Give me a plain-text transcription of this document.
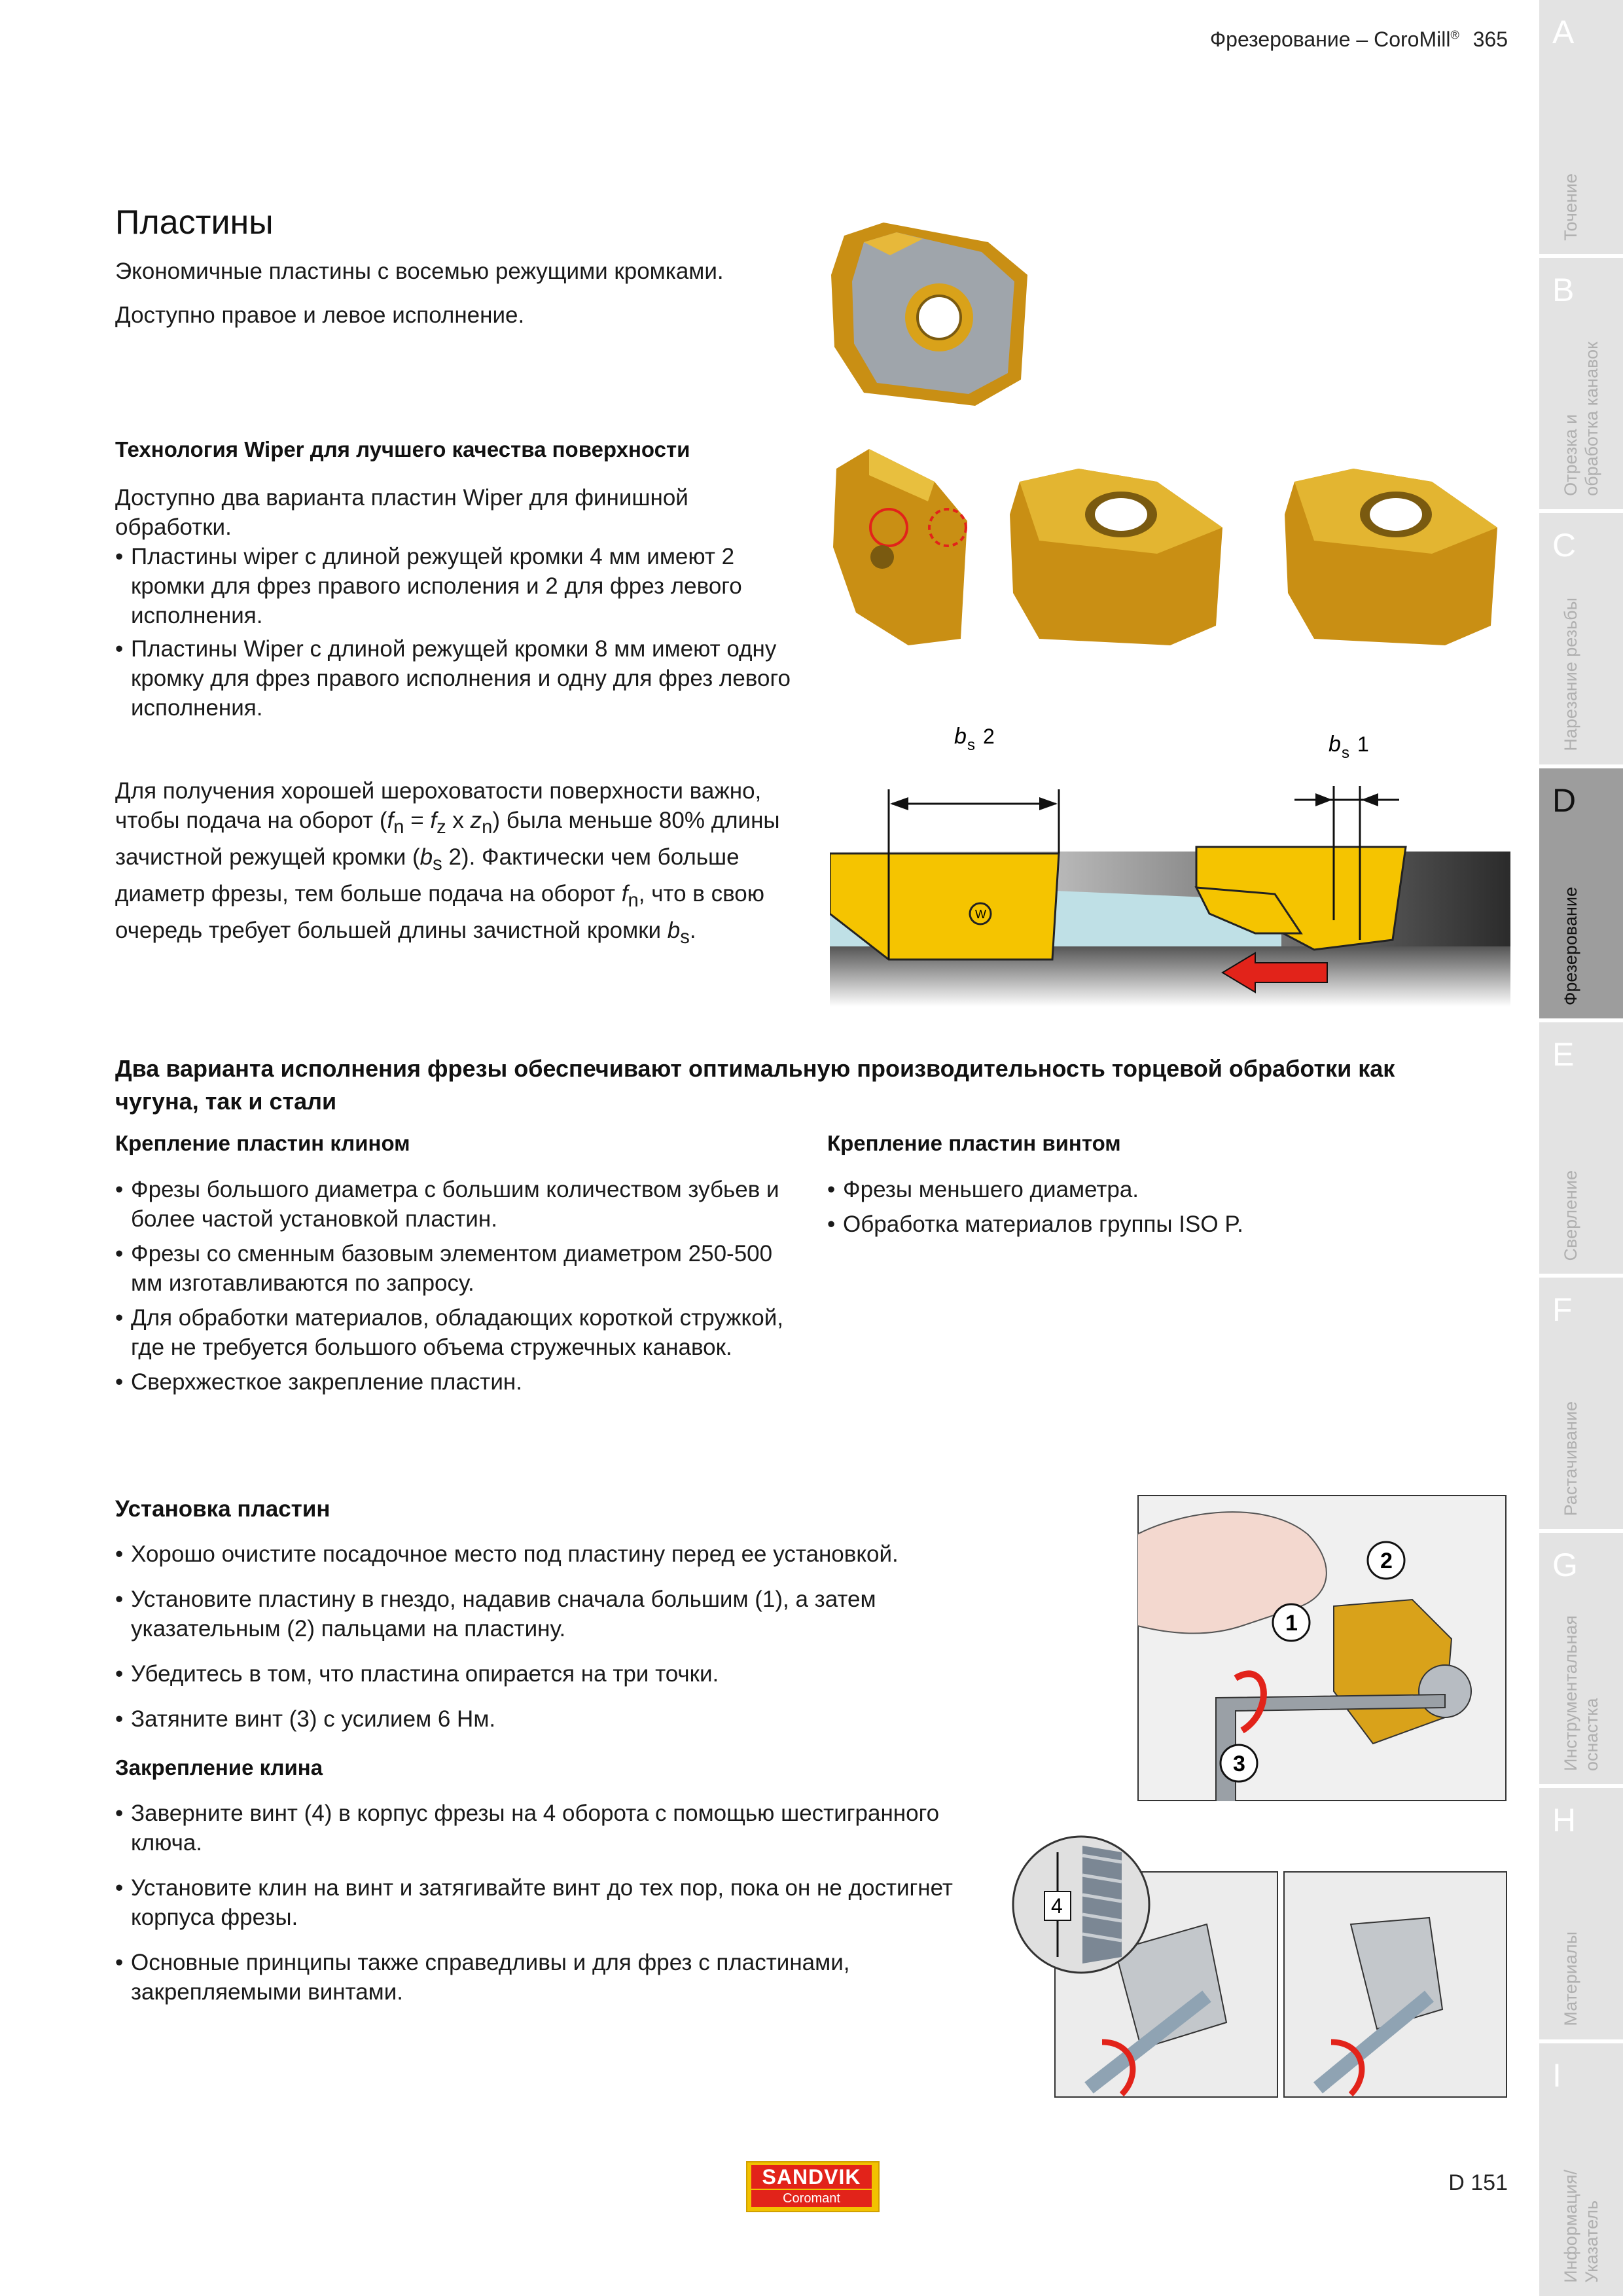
Фрезерование – CoroMill® 365
Пластины

Экономичные пластины с восемью режущими кромками.

Доступно правое и левое исполнение.

Технология Wiper для лучшего качества поверхности
Доступно два варианта пластин Wiper для финишной обработки.
• Пластины wiper с длиной режущей кромки 4 мм имеют 2 кромки для фрез правого исполения и 2 для фрез левого исполнения.
• Пластины Wiper с длиной режущей кромки 8 мм имеют одну кромку для фрез правого исполнения и одну для фрез левого исполнения.
Для получения хорошей шероховатости поверхности важно, чтобы подача на оборот ($f_n = f_z$ x $z_n$) была меньше 80% длины зачистной режущей кромки ($b_s$ 2). Фактически чем больше диаметр фрезы, тем больше подача на оборот $f_n$, что в свою очередь требует большей длины зачистной кромки $b_s$.
b s 2	b s 1
W
Два варианта исполнения фрезы обеспечивают оптимальную производительность торцевой обработки как чугуна, так и стали
Крепление пластин клином
• Фрезы большого диаметра с большим количеством зубьев и более частой установкой пластин.
• Фрезы со сменным базовым элементом диаметром 250-500 мм изготавливаются по запросу.
• Для обработки материалов, обладающих короткой стружкой, где не требуется большого объема стружечных канавок.
• Сверхжесткое закрепление пластин.
Крепление пластин винтом
• Фрезы меньшего диаметра.
• Обработка материалов группы ISO P.
Установка пластин
• Хорошо очистите посадочное место под пластину перед ее установкой.
• Установите пластину в гнездо, надавив сначала большим (1), а затем указательным (2) пальцами на пластину.
• Убедитесь в том, что пластина опирается на три точки.
• Затяните винт (3) с усилием 6 Нм.
Закрепление клина
• Заверните винт (4) в корпус фрезы на 4 оборота с помощью шестигранного ключа.
• Установите клин на винт и затягивайте винт до тех пор, пока он не достигнет корпуса фрезы.
• Основные принципы также справедливы и для фрез с пластинами, закрепляемыми винтами.
1
2
3
4
A
Точение
B
Отрезка и
обработка канавок
C
Нарезание резьбы
D
Фрезерование
E
Сверление
F
Растачивание
G
Инструментальная
оснастка
H
Материалы
I
Информация/
Указатель
SANDVIK
Coromant
D 151
